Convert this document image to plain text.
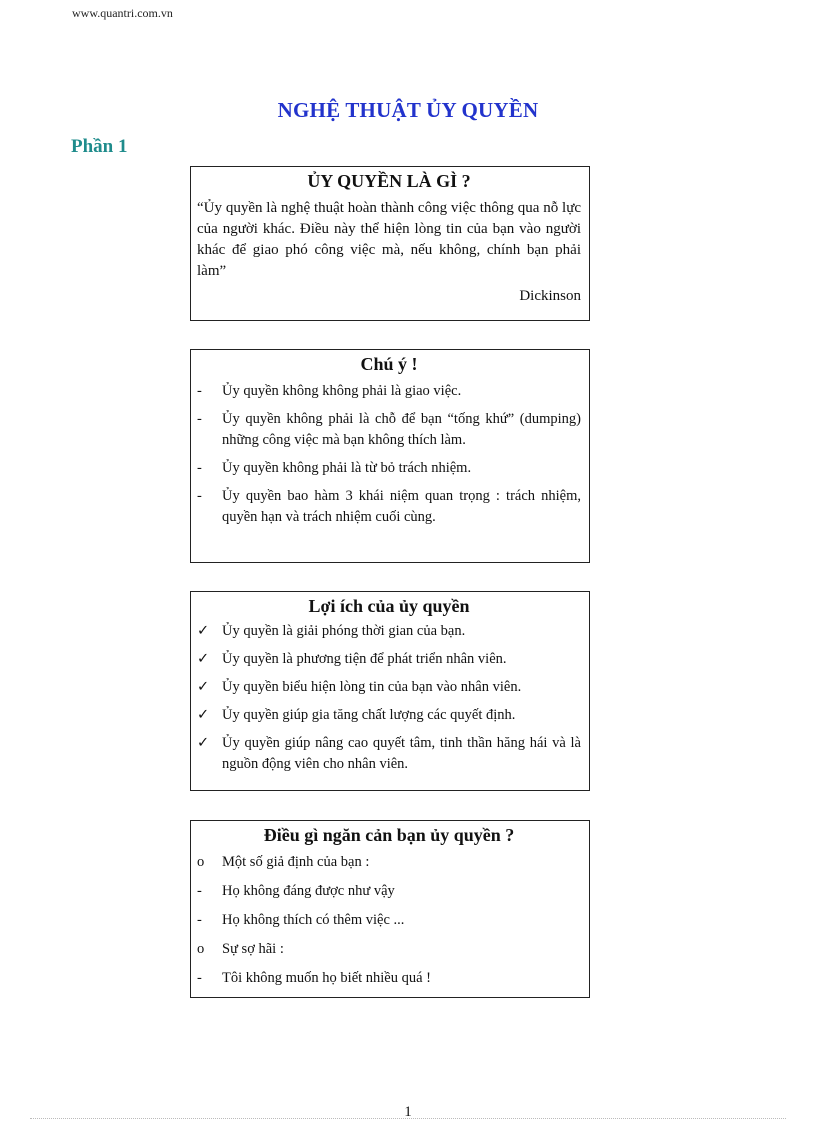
www.quantri.com.vn
NGHỆ THUẬT ỦY QUYỀN
Phần 1
ỦY QUYỀN LÀ GÌ ?
“Ủy quyền là nghệ thuật hoàn thành công việc thông qua nỗ lực của người khác. Điều này thể hiện lòng tin của bạn vào người khác để giao phó công việc mà, nếu không, chính bạn phải làm”
Dickinson
Chú ý !
-	Ủy quyền không không phải là giao việc.
-	Ủy quyền không phải là chỗ để bạn “tống khứ” (dumping) những công việc mà bạn không thích làm.
-	Ủy quyền không phải là từ bỏ trách nhiệm.
-	Ủy quyền bao hàm 3 khái niệm quan trọng : trách nhiệm, quyền hạn và trách nhiệm cuối cùng.
Lợi ích của ủy quyền
✓ Ủy quyền là giải phóng thời gian của bạn.
✓ Ủy quyền là phương tiện để phát triển nhân viên.
✓ Ủy quyền biểu hiện lòng tin của bạn vào nhân viên.
✓ Ủy quyền giúp gia tăng chất lượng các quyết định.
✓ Ủy quyền giúp nâng cao quyết tâm, tinh thần hăng hái và là nguồn động viên cho nhân viên.
Điều gì ngăn cản bạn ủy quyền ?
o	Một số giả định của bạn :
-	Họ không đáng được như vậy
-	Họ không thích có thêm việc ...
o	Sự sợ hãi :
-	Tôi không muốn họ biết nhiều quá !
1
